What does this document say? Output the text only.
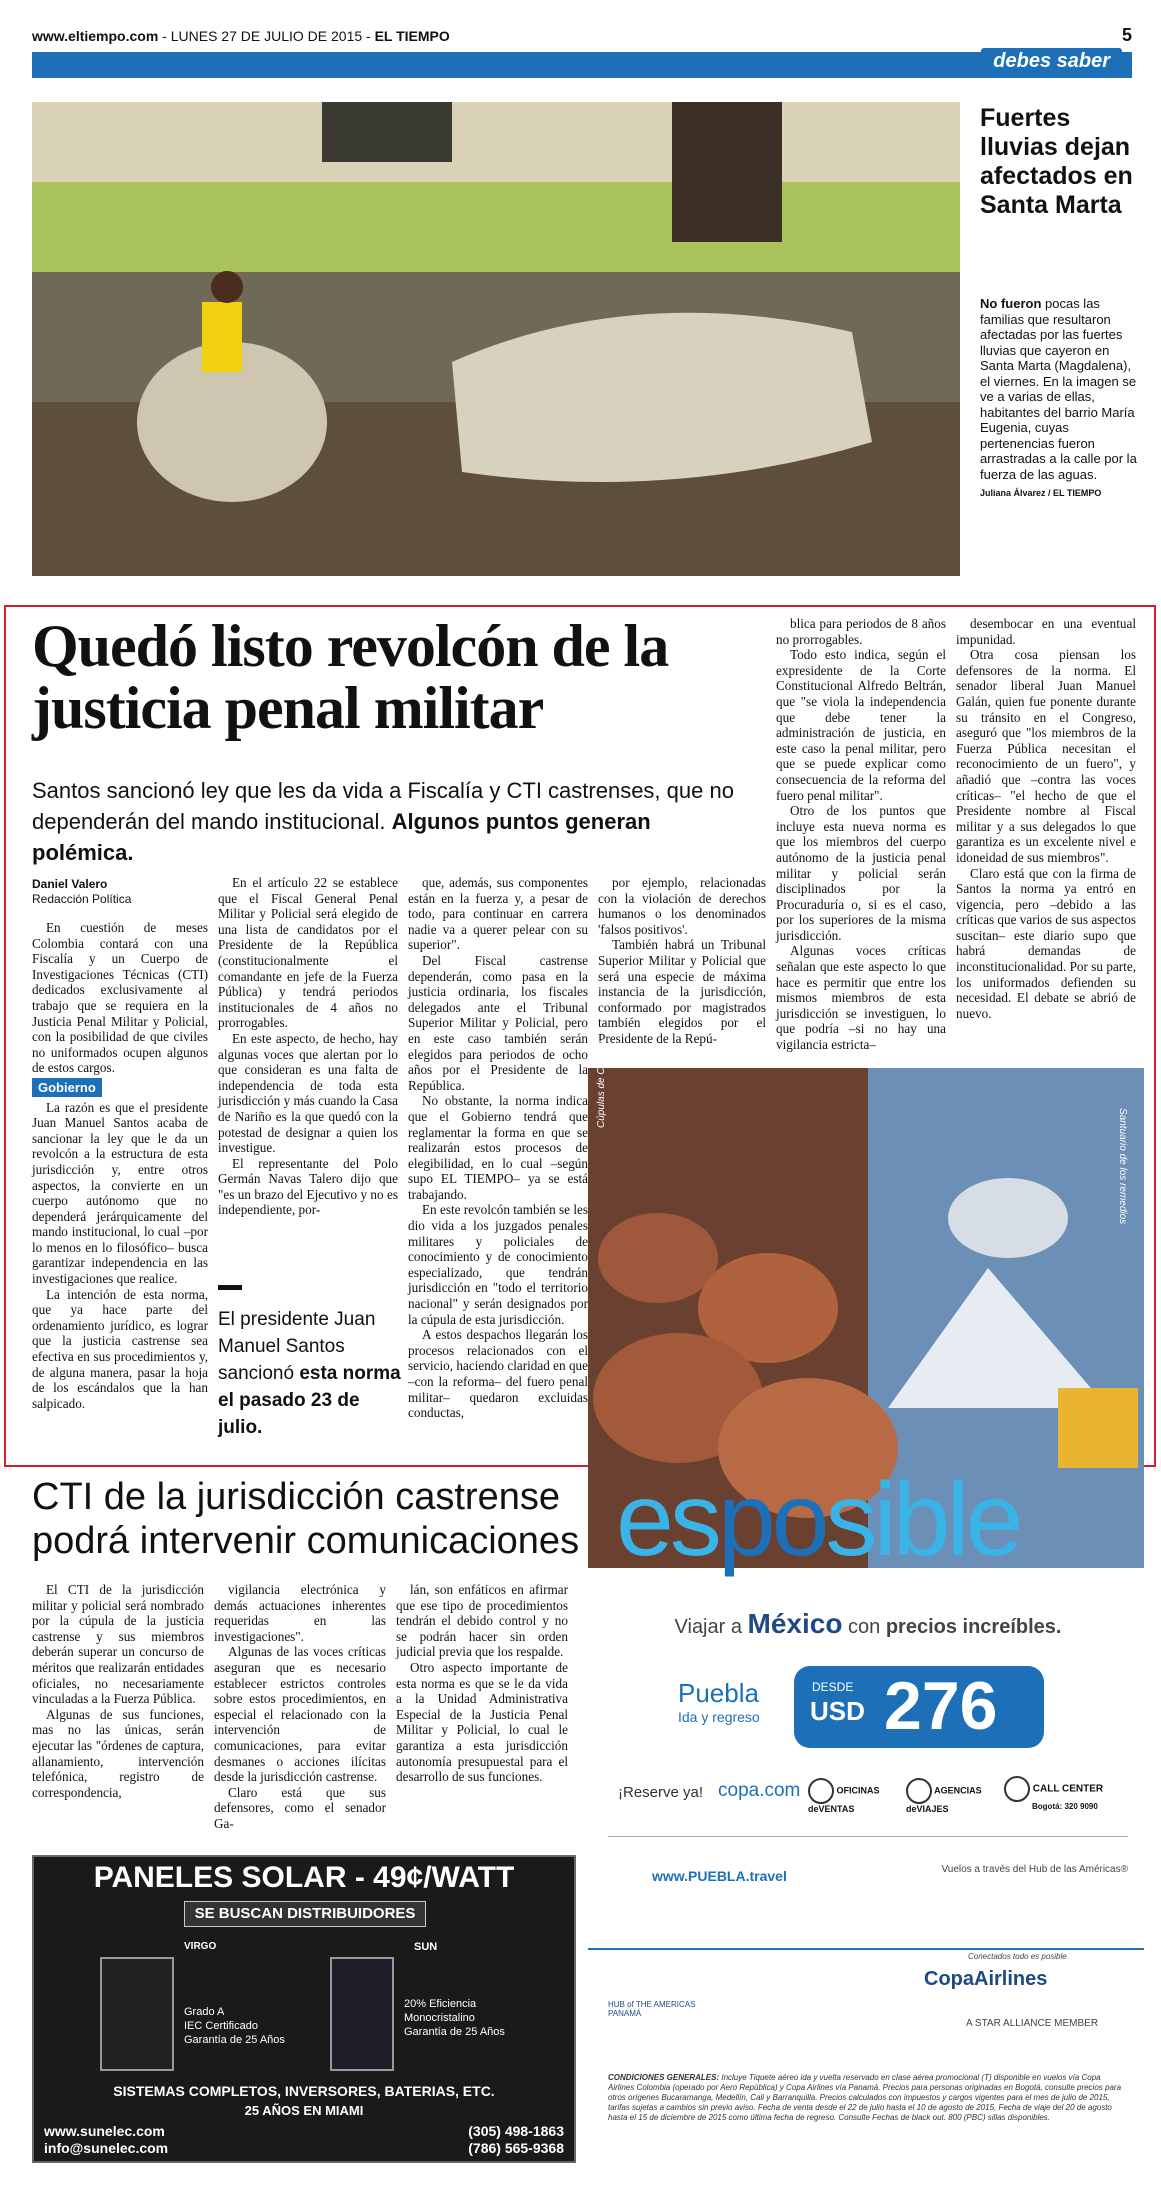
www.eltiempo.com - LUNES 27 DE JULIO DE 2015 - EL TIEMPO	5
debes saber
Fuertes lluvias dejan afectados en Santa Marta
No fueron pocas las familias que resultaron afectadas por las fuertes lluvias que cayeron en Santa Marta (Magdalena), el viernes. En la imagen se ve a varias de ellas, habitantes del barrio María Eugenia, cuyas pertenencias fueron arrastradas a la calle por la fuerza de las aguas.
Juliana Álvarez / EL TIEMPO
Quedó listo revolcón de la justicia penal militar
Santos sancionó ley que les da vida a Fiscalía y CTI castrenses, que no dependerán del mando institucional. Algunos puntos generan polémica.
Daniel Valero
Redacción Política

En cuestión de meses Colombia contará con una Fiscalía y un Cuerpo de Investigaciones Técnicas (CTI) dedicados exclusivamente al trabajo que se requiera en la Justicia Penal Militar y Policial, con la posibilidad de que civiles no uniformados ocupen algunos de estos cargos.

Gobierno

La razón es que el presidente Juan Manuel Santos acaba de sancionar la ley que le da un revolcón a la estructura de esta jurisdicción y, entre otros aspectos, la convierte en un cuerpo autónomo que no dependerá jerárquicamente del mando institucional, lo cual –por lo menos en lo filosófico– busca garantizar independencia en las investigaciones que realice.

La intención de esta norma, que ya hace parte del ordenamiento jurídico, es lograr que la justicia castrense sea efectiva en sus procedimientos y, de alguna manera, pasar la hoja de los escándalos que la han salpicado.

En el artículo 22 se establece que el Fiscal General Penal Militar y Policial será elegido de una lista de candidatos por el Presidente de la República (constitucionalmente el comandante en jefe de la Fuerza Pública) y tendrá periodos institucionales de 4 años no prorrogables.

En este aspecto, de hecho, hay algunas voces que alertan por lo que consideran es una falta de independencia de toda esta jurisdicción y más cuando la Casa de Nariño es la que quedó con la potestad de designar a quien los investigue.

El representante del Polo Germán Navas Talero dijo que "es un brazo del Ejecutivo y no es independiente, por-

El presidente Juan Manuel Santos sancionó esta norma el pasado 23 de julio.

que, además, sus componentes están en la fuerza y, a pesar de todo, para continuar en carrera nadie va a querer pelear con su superior".

Del Fiscal castrense dependerán, como pasa en la justicia ordinaria, los fiscales delegados ante el Tribunal Superior Militar y Policial, pero en este caso también serán elegidos para periodos de ocho años por el Presidente de la República.

No obstante, la norma indica que el Gobierno tendrá que reglamentar la forma en que se realizarán estos procesos de elegibilidad, en lo cual –según supo EL TIEMPO– ya se está trabajando.

En este revolcón también se les dio vida a los juzgados penales militares y policiales de conocimiento y de conocimiento especializado, que tendrán jurisdicción en "todo el territorio nacional" y serán designados por la cúpula de esta jurisdicción.

A estos despachos llegarán los procesos relacionados con el servicio, haciendo claridad en que –con la reforma– del fuero penal militar– quedaron excluidas conductas,

por ejemplo, relacionadas con la violación de derechos humanos o los denominados 'falsos positivos'.

También habrá un Tribunal Superior Militar y Policial que será una especie de máxima instancia de la jurisdicción, conformado por magistrados también elegidos por el Presidente de la Repú-

blica para periodos de 8 años no prorrogables.

Todo esto indica, según el expresidente de la Corte Constitucional Alfredo Beltrán, que "se viola la independencia que debe tener la administración de justicia, en este caso la penal militar, pero que se puede explicar como consecuencia de la reforma del fuero penal militar".

Otro de los puntos que incluye esta nueva norma es que los miembros del cuerpo autónomo de la justicia penal militar y policial serán disciplinados por la Procuraduría o, si es el caso, por los superiores de la misma jurisdicción.

Algunas voces críticas señalan que este aspecto lo que hace es permitir que entre los mismos miembros de esta jurisdicción se investiguen, lo que podría –si no hay una vigilancia estricta–

desembocar en una eventual impunidad.

Otra cosa piensan los defensores de la norma. El senador liberal Juan Manuel Galán, quien fue ponente durante su tránsito en el Congreso, aseguró que "los miembros de la Fuerza Pública necesitan el reconocimiento de un fuero", y añadió que –contra las voces críticas– "el hecho de que el Presidente nombre al Fiscal militar y a sus delegados lo que garantiza es un excelente nivel e idoneidad de sus miembros".

Claro está que con la firma de Santos la norma ya entró en vigencia, pero –debido a las críticas que varios de sus aspectos suscitan– este diario supo que habrá demandas de inconstitucionalidad. Por su parte, los uniformados defienden su necesidad. El debate se abrió de nuevo.

CTI de la jurisdicción castrense podrá intervenir comunicaciones

El CTI de la jurisdicción militar y policial será nombrado por la cúpula de la justicia castrense y sus miembros deberán superar un concurso de méritos que realizarán entidades oficiales, no necesariamente vinculadas a la Fuerza Pública.

Algunas de sus funciones, mas no las únicas, serán ejecutar las "órdenes de captura, allanamiento, intervención telefónica, registro de correspondencia,

vigilancia electrónica y demás actuaciones inherentes requeridas en las investigaciones".

Algunas de las voces críticas aseguran que es necesario establecer estrictos controles sobre estos procedimientos, en especial el relacionado con la intervención de comunicaciones, para evitar desmanes o acciones ilícitas desde la jurisdicción castrense.

Claro está que sus defensores, como el senador Ga-

lán, son enfáticos en afirmar que ese tipo de procedimientos tendrán el debido control y no se podrán hacer sin orden judicial previa que los respalde.

Otro aspecto importante de esta norma es que se le da vida a la Unidad Administrativa Especial de la Justicia Penal Militar y Policial, lo cual le garantiza a esta jurisdicción autonomía presupuestal para el desarrollo de sus funciones.

Cúpulas de Cholula
Santuario de los remedios
esposible
Viajar a México con precios increíbles.
Puebla
Ida y regreso
DESDE
USD 276
¡Reserve ya! copa.com	OFICINAS deVENTAS
AGENCIAS deVIAJES
CALL CENTER
Bogotá: 320 9090
www.PUEBLA.travel	Vuelos a través del Hub de las Américas®
Conectados todo es posible
CopaAirlines
HUB of THE AMERICAS PANAMÁ
A STAR ALLIANCE MEMBER
CONDICIONES GENERALES: Incluye Tiquete aéreo ida y vuelta reservado en clase aérea promocional (T) disponible en vuelos vía Copa Airlines Colombia (operado por Aero República) y Copa Airlines vía Panamá. Precios para personas originadas en Bogotá, consulte precios para otros orígenes Bucaramanga, Medellín, Cali y Barranquilla. Precios calculados con impuestos y cargos vigentes para el mes de julio de 2015, tarifas sujetas a cambios sin previo aviso. Fecha de venta desde el 22 de julio hasta el 10 de agosto de 2015. Fecha de viaje del 20 de agosto hasta el 15 de diciembre de 2015 como última fecha de regreso. Consulte Fechas de black out. 800 (PBC) sillas disponibles.
PANELES SOLAR - 49¢/WATT
SE BUSCAN DISTRIBUIDORES
VIRGO
Grado A
IEC Certificado
Garantía de 25 Años
SUN
20% Eficiencia
Monocristalino
Garantía de 25 Años
SISTEMAS COMPLETOS, INVERSORES, BATERIAS, ETC.
25 AÑOS EN MIAMI
www.sunelec.com
info@sunelec.com
(305) 498-1863
(786) 565-9368
